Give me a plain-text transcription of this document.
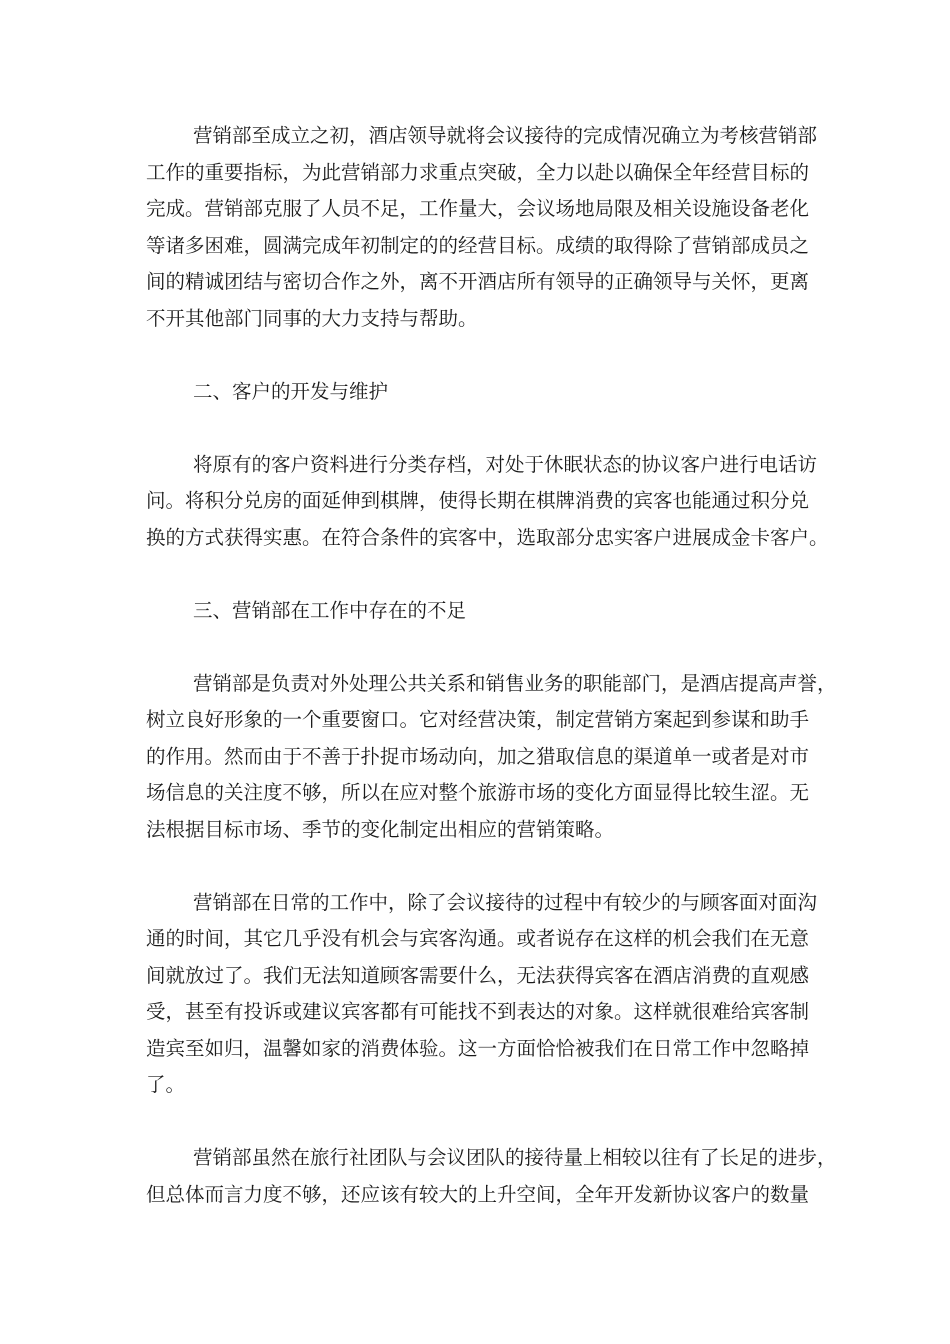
营销部至成立之初，酒店领导就将会议接待的完成情况确立为考核营销部
工作的重要指标，为此营销部力求重点突破，全力以赴以确保全年经营目标的
完成。营销部克服了人员不足，工作量大，会议场地局限及相关设施设备老化
等诸多困难，圆满完成年初制定的的经营目标。成绩的取得除了营销部成员之
间的精诚团结与密切合作之外，离不开酒店所有领导的正确领导与关怀，更离
不开其他部门同事的大力支持与帮助。
二、客户的开发与维护
将原有的客户资料进行分类存档，对处于休眠状态的协议客户进行电话访
问。将积分兑房的面延伸到棋牌，使得长期在棋牌消费的宾客也能通过积分兑
换的方式获得实惠。在符合条件的宾客中，选取部分忠实客户进展成金卡客户。
三、营销部在工作中存在的不足
营销部是负责对外处理公共关系和销售业务的职能部门，是酒店提高声誉，
树立良好形象的一个重要窗口。它对经营决策，制定营销方案起到参谋和助手
的作用。然而由于不善于扑捉市场动向，加之猎取信息的渠道单一或者是对市
场信息的关注度不够，所以在应对整个旅游市场的变化方面显得比较生涩。无
法根据目标市场、季节的变化制定出相应的营销策略。
营销部在日常的工作中，除了会议接待的过程中有较少的与顾客面对面沟
通的时间，其它几乎没有机会与宾客沟通。或者说存在这样的机会我们在无意
间就放过了。我们无法知道顾客需要什么，无法获得宾客在酒店消费的直观感
受，甚至有投诉或建议宾客都有可能找不到表达的对象。这样就很难给宾客制
造宾至如归，温馨如家的消费体验。这一方面恰恰被我们在日常工作中忽略掉
了。
营销部虽然在旅行社团队与会议团队的接待量上相较以往有了长足的进步，
但总体而言力度不够，还应该有较大的上升空间，全年开发新协议客户的数量
